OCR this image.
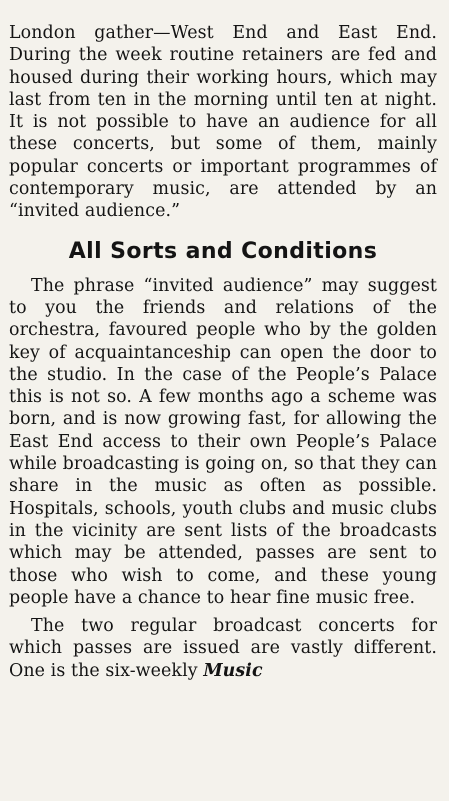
London gather—West End and East End. During the week routine retainers are fed and housed during their working hours, which may last from ten in the morning until ten at night. It is not possible to have an audience for all these concerts, but some of them, mainly popular concerts or important programmes of contemporary music, are attended by an “invited audience.”

All Sorts and Conditions

The phrase “invited audience” may suggest to you the friends and relations of the orchestra, favoured people who by the golden key of acquaintanceship can open the door to the studio. In the case of the People’s Palace this is not so. A few months ago a scheme was born, and is now growing fast, for allowing the East End access to their own People’s Palace while broadcasting is going on, so that they can share in the music as often as possible. Hospitals, schools, youth clubs and music clubs in the vicinity are sent lists of the broadcasts which may be attended, passes are sent to those who wish to come, and these young people have a chance to hear fine music free.

The two regular broadcast concerts for which passes are issued are vastly different. One is the six-weekly Music
